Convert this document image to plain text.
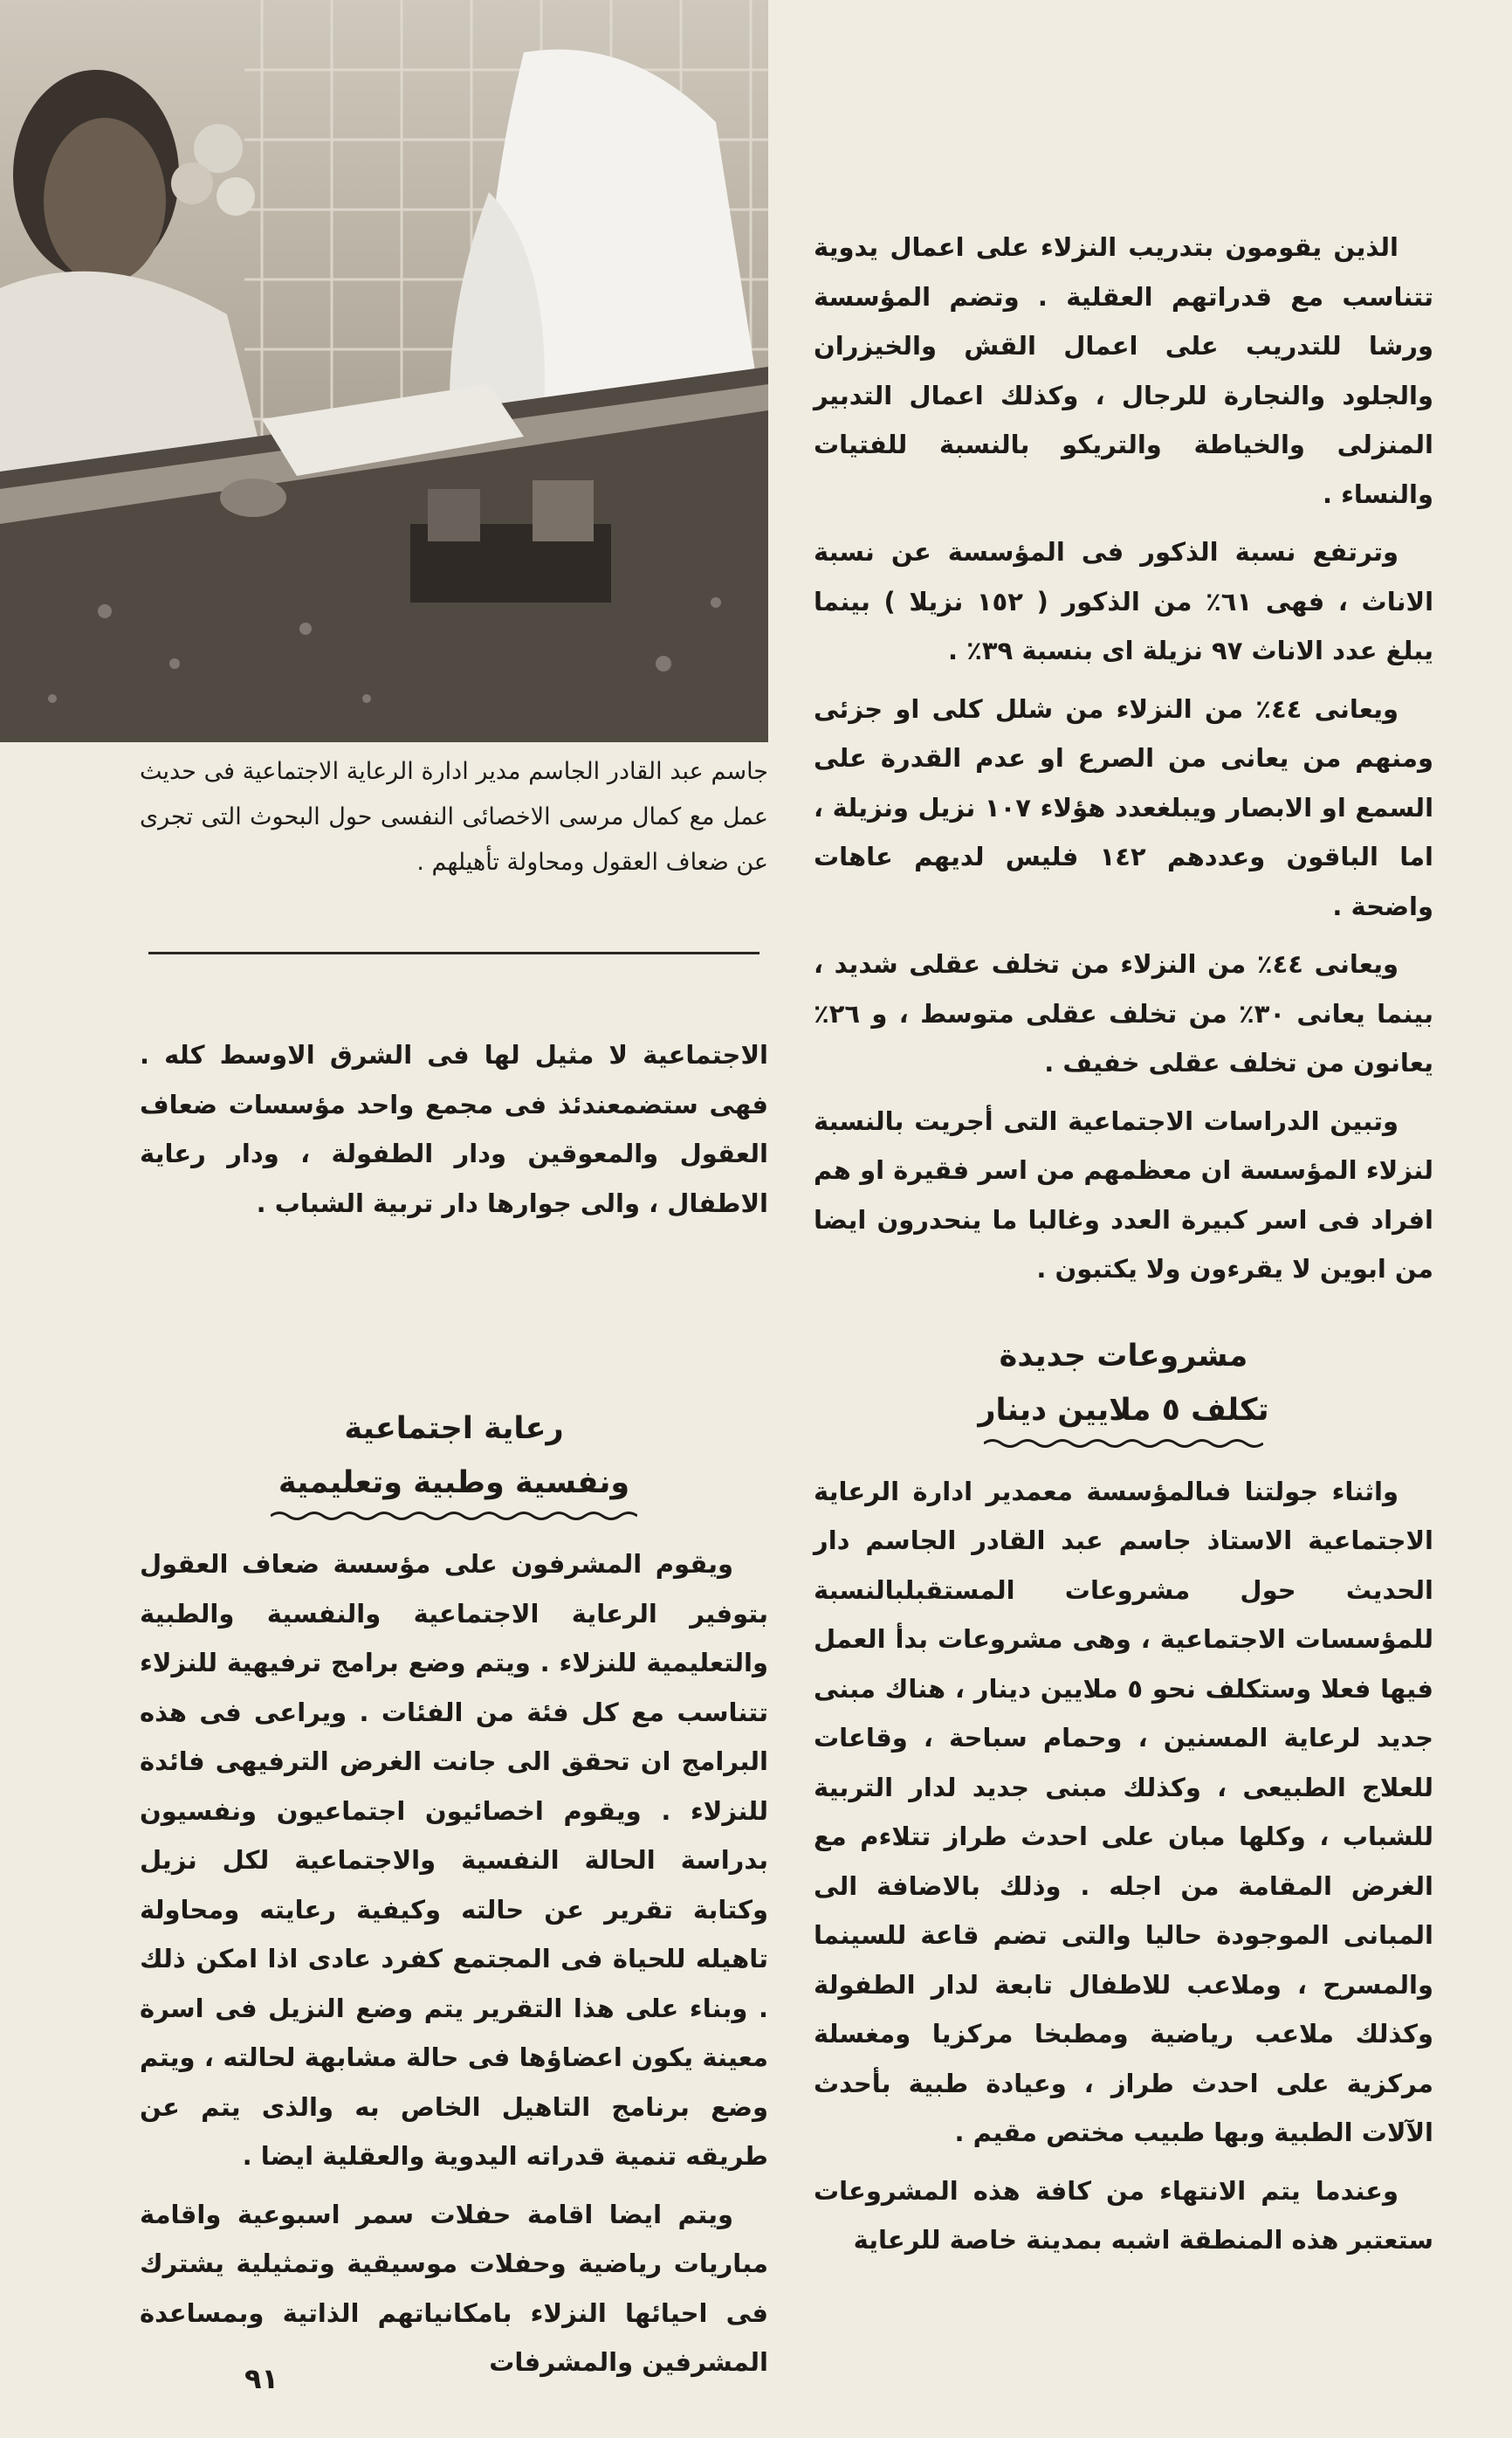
جاسم عبد القادر الجاسم مدير ادارة الرعاية الاجتماعية فى حديث عمل مع كمال مرسى الاخصائى النفسى حول البحوث التى تجرى عن ضعاف العقول ومحاولة تأهيلهم .

الذين يقومون بتدريب النزلاء على اعمال يدوية تتناسب مع قدراتهم العقلية . وتضم المؤسسة ورشا للتدريب على اعمال القش والخيزران والجلود والنجارة للرجال ، وكذلك اعمال التدبير المنزلى والخياطة والتريكو بالنسبة للفتيات والنساء .

وترتفع نسبة الذكور فى المؤسسة عن نسبة الاناث ، فهى ٦١٪ من الذكور ( ١٥٢ نزيلا ) بينما يبلغ عدد الاناث ٩٧ نزيلة اى بنسبة ٣٩٪ .

ويعانى ٤٤٪ من النزلاء من شلل كلى او جزئى ومنهم من يعانى من الصرع او عدم القدرة على السمع او الابصار ويبلغعدد هؤلاء ١٠٧ نزيل ونزيلة ، اما الباقون وعددهم ١٤٢ فليس لديهم عاهات واضحة .

ويعانى ٤٤٪ من النزلاء من تخلف عقلى شديد ، بينما يعانى ٣٠٪ من تخلف عقلى متوسط ، و ٢٦٪ يعانون من تخلف عقلى خفيف .

وتبين الدراسات الاجتماعية التى أجريت بالنسبة لنزلاء المؤسسة ان معظمهم من اسر فقيرة او هم افراد فى اسر كبيرة العدد وغالبا ما ينحدرون ايضا من ابوين لا يقرءون ولا يكتبون .

مشروعات جديدة
تكلف ٥ ملايين دينار

واثناء جولتنا فىالمؤسسة معمدير ادارة الرعاية الاجتماعية الاستاذ جاسم عبد القادر الجاسم دار الحديث حول مشروعات المستقبلبالنسبة للمؤسسات الاجتماعية ، وهى مشروعات بدأ العمل فيها فعلا وستكلف نحو ٥ ملايين دينار ، هناك مبنى جديد لرعاية المسنين ، وحمام سباحة ، وقاعات للعلاج الطبيعى ، وكذلك مبنى جديد لدار التربية للشباب ، وكلها مبان على احدث طراز تتلاءم مع الغرض المقامة من اجله . وذلك بالاضافة الى المبانى الموجودة حاليا والتى تضم قاعة للسينما والمسرح ، وملاعب للاطفال تابعة لدار الطفولة وكذلك ملاعب رياضية ومطبخا مركزيا ومغسلة مركزية على احدث طراز ، وعيادة طبية بأحدث الآلات الطبية وبها طبيب مختص مقيم .

وعندما يتم الانتهاء من كافة هذه المشروعات ستعتبر هذه المنطقة اشبه بمدينة خاصة للرعاية

الاجتماعية لا مثيل لها فى الشرق الاوسط كله . فهى ستضمعندئذ فى مجمع واحد مؤسسات ضعاف العقول والمعوقين ودار الطفولة ، ودار رعاية الاطفال ، والى جوارها دار تربية الشباب .

رعاية اجتماعية
ونفسية وطبية وتعليمية

ويقوم المشرفون على مؤسسة ضعاف العقول بتوفير الرعاية الاجتماعية والنفسية والطبية والتعليمية للنزلاء . ويتم وضع برامج ترفيهية للنزلاء تتناسب مع كل فئة من الفئات . ويراعى فى هذه البرامج ان تحقق الى جانت الغرض الترفيهى فائدة للنزلاء . ويقوم اخصائيون اجتماعيون ونفسيون بدراسة الحالة النفسية والاجتماعية لكل نزيل وكتابة تقرير عن حالته وكيفية رعايته ومحاولة تاهيله للحياة فى المجتمع كفرد عادى اذا امكن ذلك . وبناء على هذا التقرير يتم وضع النزيل فى اسرة معينة يكون اعضاؤها فى حالة مشابهة لحالته ، ويتم وضع برنامج التاهيل الخاص به والذى يتم عن طريقه تنمية قدراته اليدوية والعقلية ايضا .

ويتم ايضا اقامة حفلات سمر اسبوعية واقامة مباريات رياضية وحفلات موسيقية وتمثيلية يشترك فى احيائها النزلاء بامكانياتهم الذاتية وبمساعدة المشرفين والمشرفات

٩١
